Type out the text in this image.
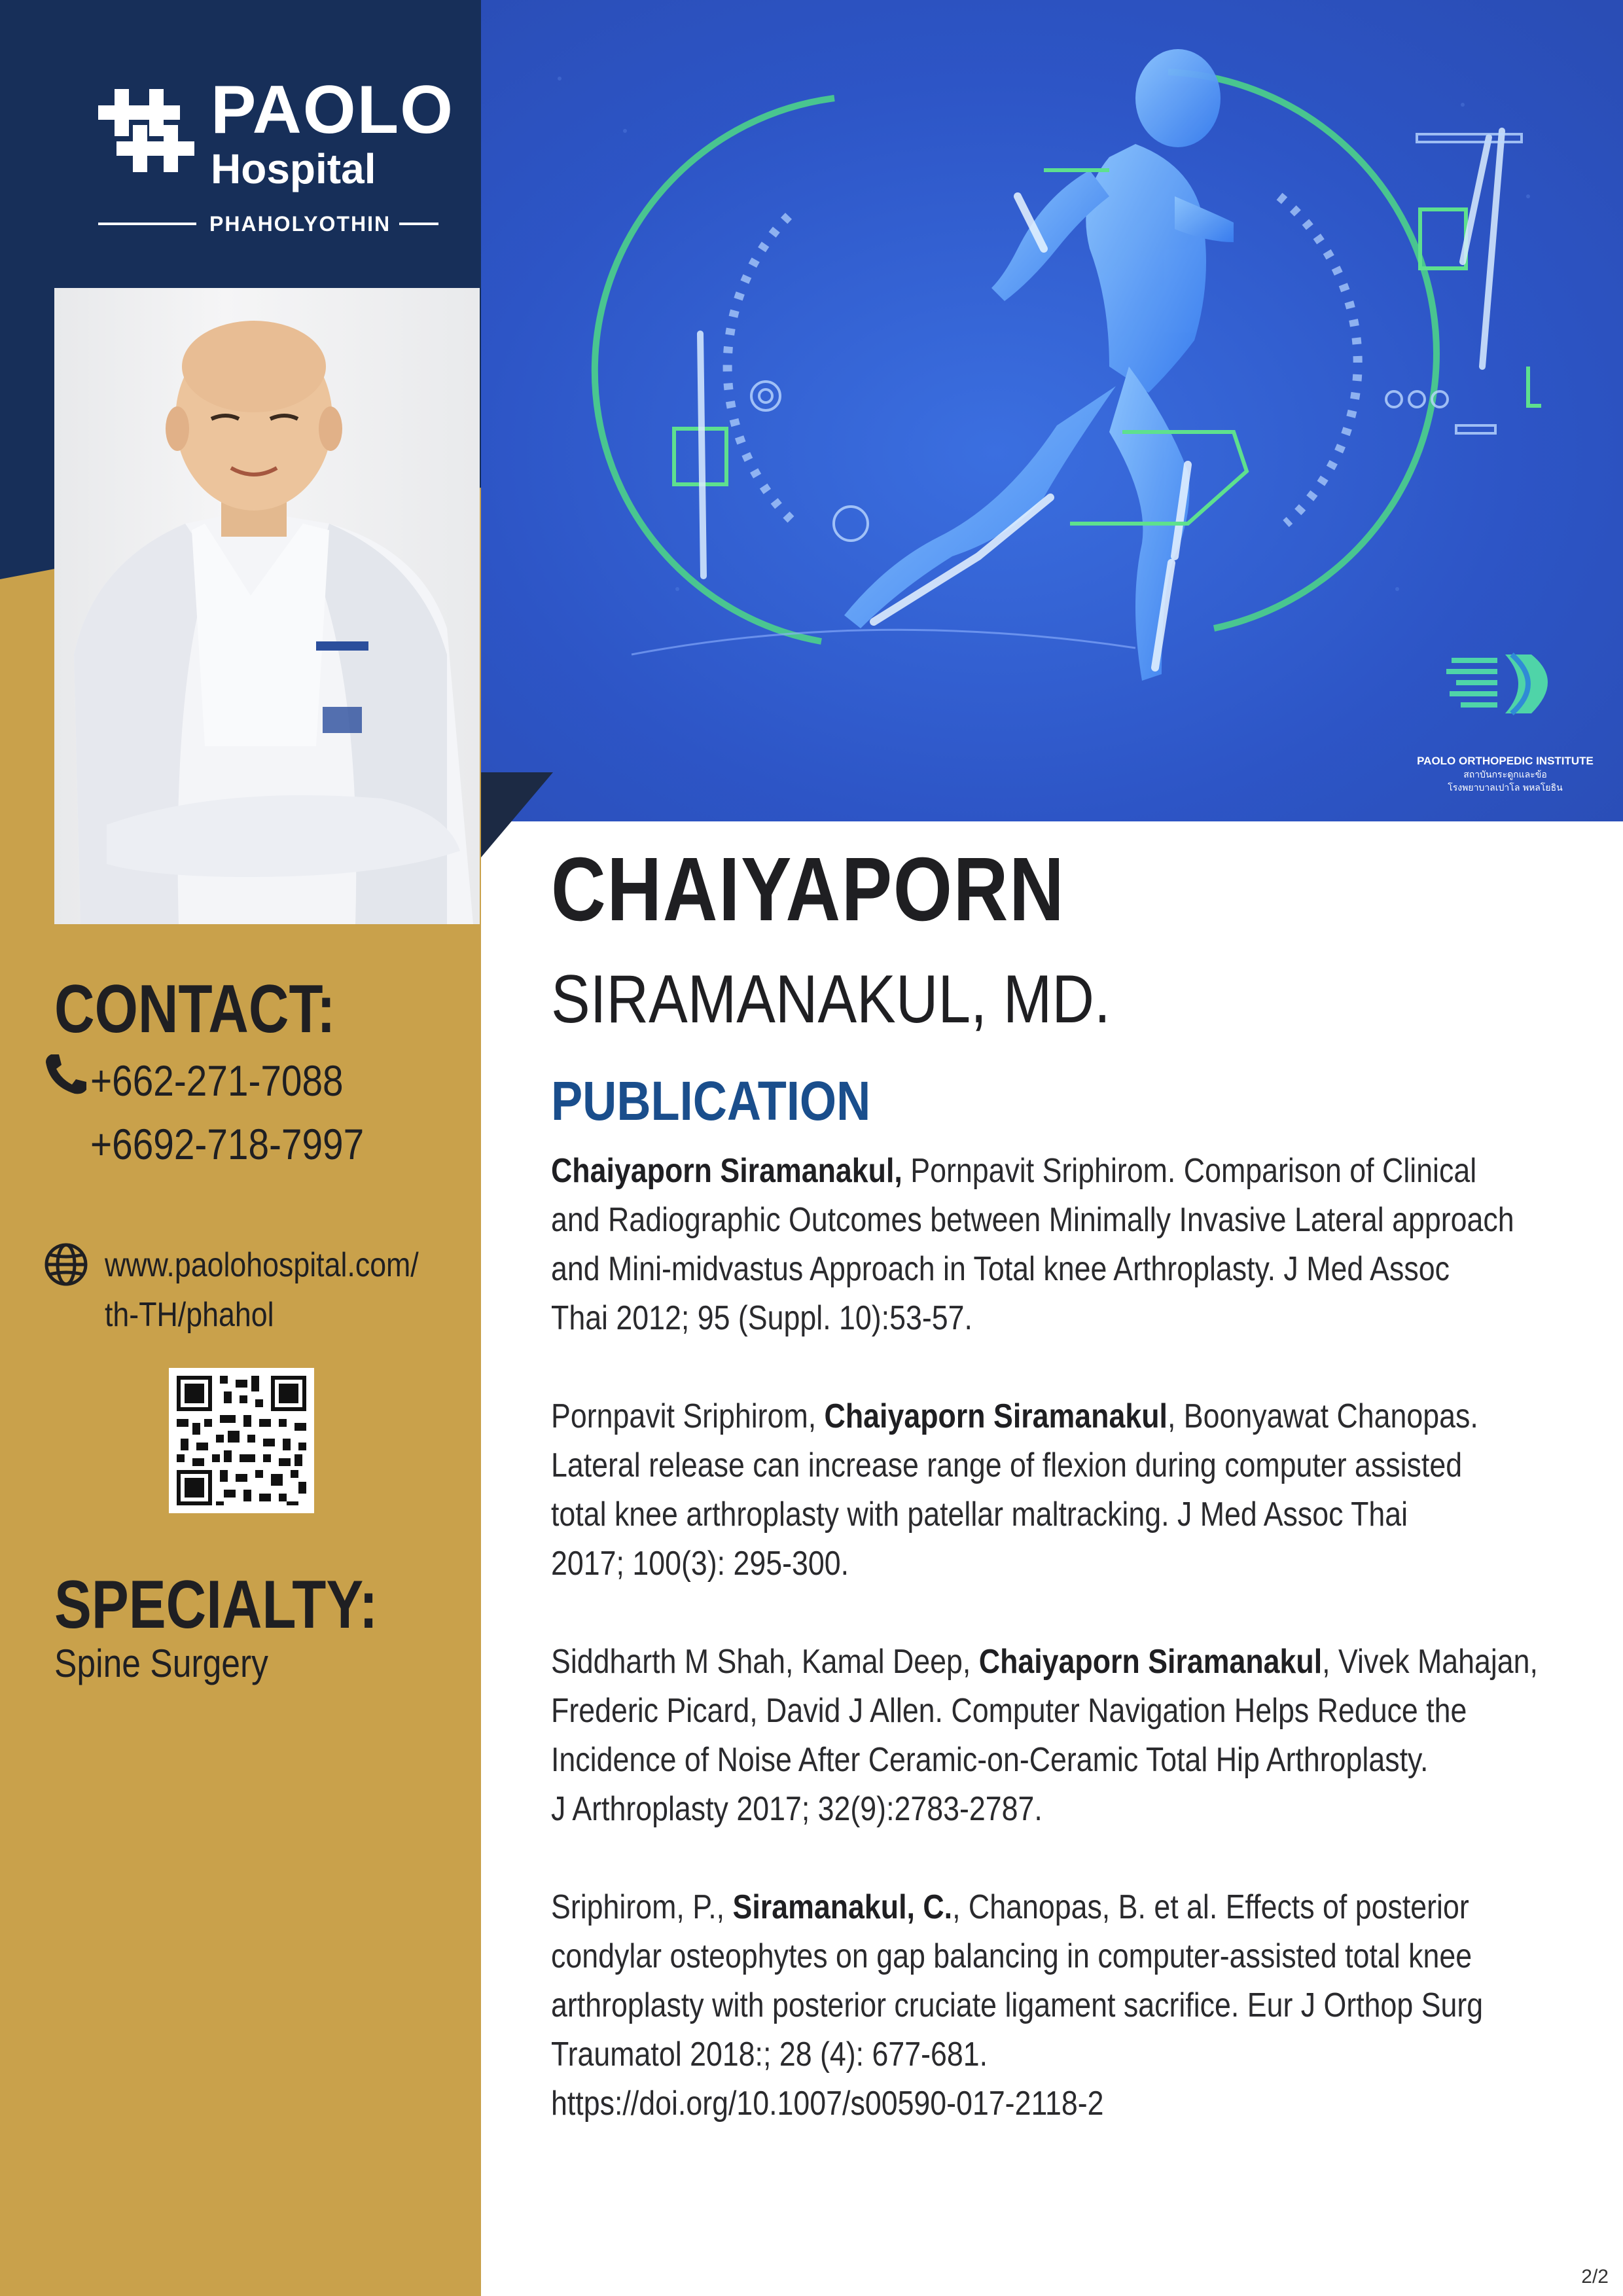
PAOLO ORTHOPEDIC INSTITUTE
สถาบันกระดูกและข้อ
โรงพยาบาลเปาโล พหลโยธิน
PAOLO
Hospital
PHAHOLYOTHIN
CONTACT:
+662-271-7088
+6692-718-7997
www.paolohospital.com/
th-TH/phahol
SPECIALTY:
Spine Surgery
CHAIYAPORN
SIRAMANAKUL, MD.
PUBLICATION
Chaiyaporn Siramanakul, Pornpavit Sriphirom. Comparison of Clinical
and Radiographic Outcomes between Minimally Invasive Lateral approach
and Mini-midvastus Approach in Total knee Arthroplasty. J Med Assoc
Thai 2012; 95 (Suppl. 10):53-57.
Pornpavit Sriphirom, Chaiyaporn Siramanakul, Boonyawat Chanopas.
Lateral release can increase range of flexion during computer assisted
total knee arthroplasty with patellar maltracking. J Med Assoc Thai
2017; 100(3): 295-300.
Siddharth M Shah, Kamal Deep, Chaiyaporn Siramanakul, Vivek Mahajan,
Frederic Picard, David J Allen. Computer Navigation Helps Reduce the
Incidence of Noise After Ceramic-on-Ceramic Total Hip Arthroplasty.
J Arthroplasty 2017; 32(9):2783-2787.
Sriphirom, P., Siramanakul, C., Chanopas, B. et al. Effects of posterior
condylar osteophytes on gap balancing in computer-assisted total knee
arthroplasty with posterior cruciate ligament sacrifice. Eur J Orthop Surg
Traumatol 2018:; 28 (4): 677-681.
https://doi.org/10.1007/s00590-017-2118-2
2/2
